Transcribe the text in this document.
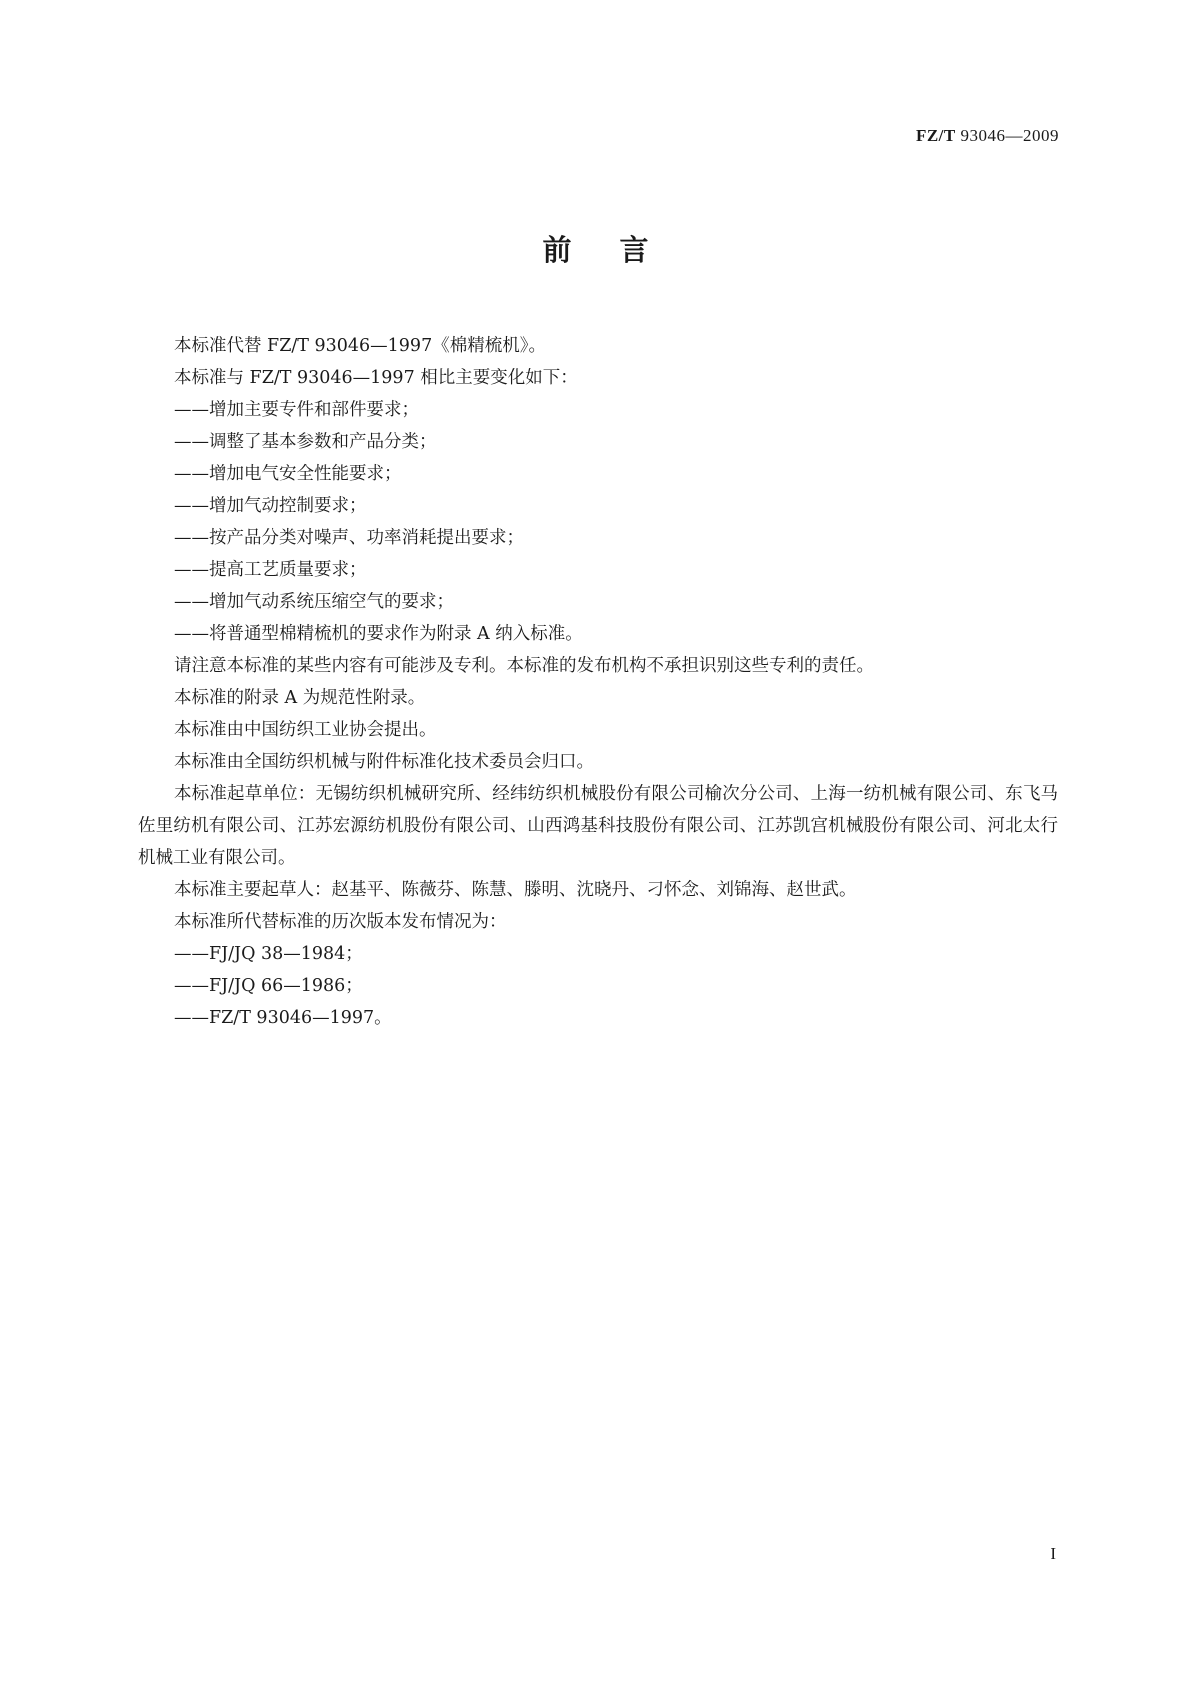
FZ/T 93046—2009
前言

本标准代替 FZ/T 93046—1997《棉精梳机》。

本标准与 FZ/T 93046—1997 相比主要变化如下：

——增加主要专件和部件要求；

——调整了基本参数和产品分类；

——增加电气安全性能要求；

——增加气动控制要求；

——按产品分类对噪声、功率消耗提出要求；

——提高工艺质量要求；

——增加气动系统压缩空气的要求；

——将普通型棉精梳机的要求作为附录 A 纳入标准。

请注意本标准的某些内容有可能涉及专利。本标准的发布机构不承担识别这些专利的责任。

本标准的附录 A 为规范性附录。

本标准由中国纺织工业协会提出。

本标准由全国纺织机械与附件标准化技术委员会归口。

本标准起草单位：无锡纺织机械研究所、经纬纺织机械股份有限公司榆次分公司、上海一纺机械有限公司、东飞马佐里纺机有限公司、江苏宏源纺机股份有限公司、山西鸿基科技股份有限公司、江苏凯宫机械股份有限公司、河北太行机械工业有限公司。

本标准主要起草人：赵基平、陈薇芬、陈慧、滕明、沈晓丹、刁怀念、刘锦海、赵世武。

本标准所代替标准的历次版本发布情况为：

——FJ/JQ 38—1984；

——FJ/JQ 66—1986；

——FZ/T 93046—1997。

I
